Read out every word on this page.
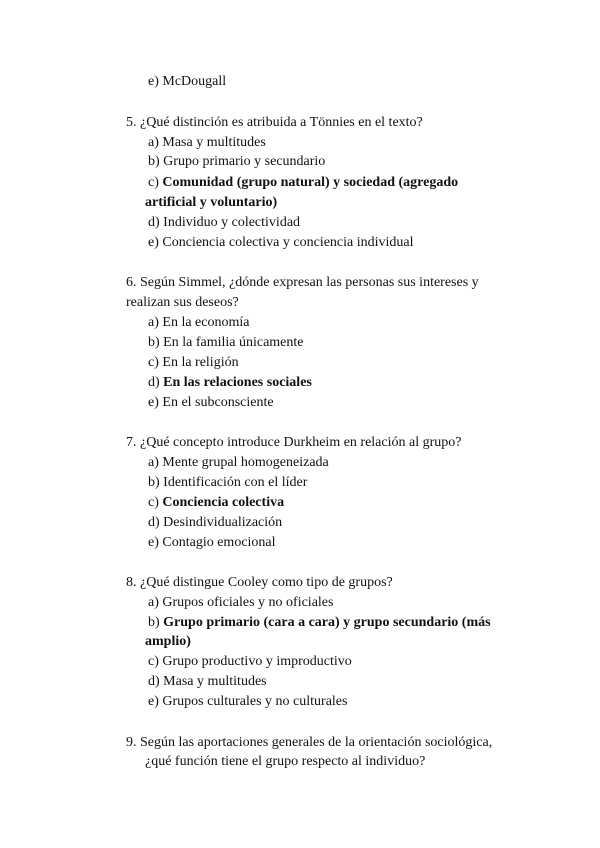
e) McDougall
5. ¿Qué distinción es atribuida a Tönnies en el texto?
a) Masa y multitudes
b) Grupo primario y secundario
c) Comunidad (grupo natural) y sociedad (agregado
artificial y voluntario)
d) Individuo y colectividad
e) Conciencia colectiva y conciencia individual
6. Según Simmel, ¿dónde expresan las personas sus intereses y
realizan sus deseos?
a) En la economía
b) En la familia únicamente
c) En la religión
d) En las relaciones sociales
e) En el subconsciente
7. ¿Qué concepto introduce Durkheim en relación al grupo?
a) Mente grupal homogeneizada
b) Identificación con el líder
c) Conciencia colectiva
d) Desindividualización
e) Contagio emocional
8. ¿Qué distingue Cooley como tipo de grupos?
a) Grupos oficiales y no oficiales
b) Grupo primario (cara a cara) y grupo secundario (más
amplio)
c) Grupo productivo y improductivo
d) Masa y multitudes
e) Grupos culturales y no culturales
9. Según las aportaciones generales de la orientación sociológica,
¿qué función tiene el grupo respecto al individuo?
